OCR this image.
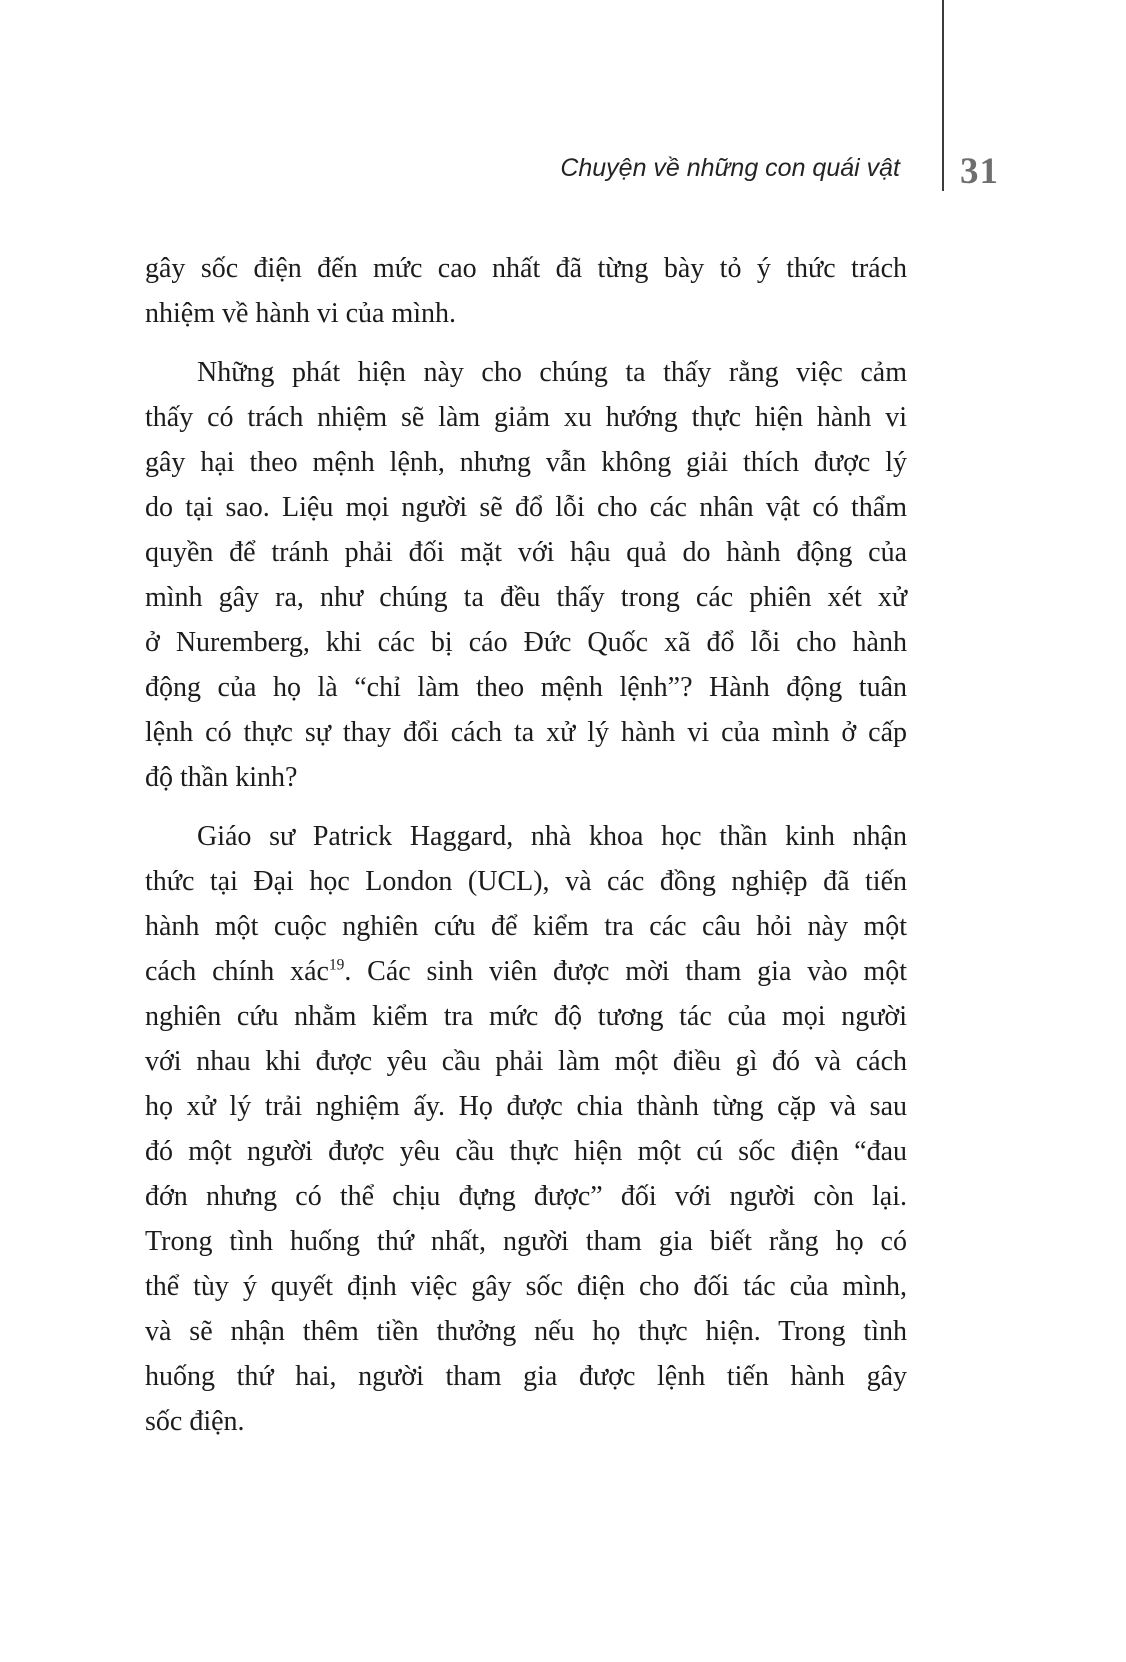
Chuyện về những con quái vật 31
gây sốc điện đến mức cao nhất đã từng bày tỏ ý thức trách
nhiệm về hành vi của mình.
Những phát hiện này cho chúng ta thấy rằng việc cảm
thấy có trách nhiệm sẽ làm giảm xu hướng thực hiện hành vi
gây hại theo mệnh lệnh, nhưng vẫn không giải thích được lý
do tại sao. Liệu mọi người sẽ đổ lỗi cho các nhân vật có thẩm
quyền để tránh phải đối mặt với hậu quả do hành động của
mình gây ra, như chúng ta đều thấy trong các phiên xét xử
ở Nuremberg, khi các bị cáo Đức Quốc xã đổ lỗi cho hành
động của họ là “chỉ làm theo mệnh lệnh”? Hành động tuân
lệnh có thực sự thay đổi cách ta xử lý hành vi của mình ở cấp
độ thần kinh?
Giáo sư Patrick Haggard, nhà khoa học thần kinh nhận
thức tại Đại học London (UCL), và các đồng nghiệp đã tiến
hành một cuộc nghiên cứu để kiểm tra các câu hỏi này một
cách chính xác$^{19}$. Các sinh viên được mời tham gia vào một
nghiên cứu nhằm kiểm tra mức độ tương tác của mọi người
với nhau khi được yêu cầu phải làm một điều gì đó và cách
họ xử lý trải nghiệm ấy. Họ được chia thành từng cặp và sau
đó một người được yêu cầu thực hiện một cú sốc điện “đau
đớn nhưng có thể chịu đựng được” đối với người còn lại.
Trong tình huống thứ nhất, người tham gia biết rằng họ có
thể tùy ý quyết định việc gây sốc điện cho đối tác của mình,
và sẽ nhận thêm tiền thưởng nếu họ thực hiện. Trong tình
huống thứ hai, người tham gia được lệnh tiến hành gây
sốc điện.
